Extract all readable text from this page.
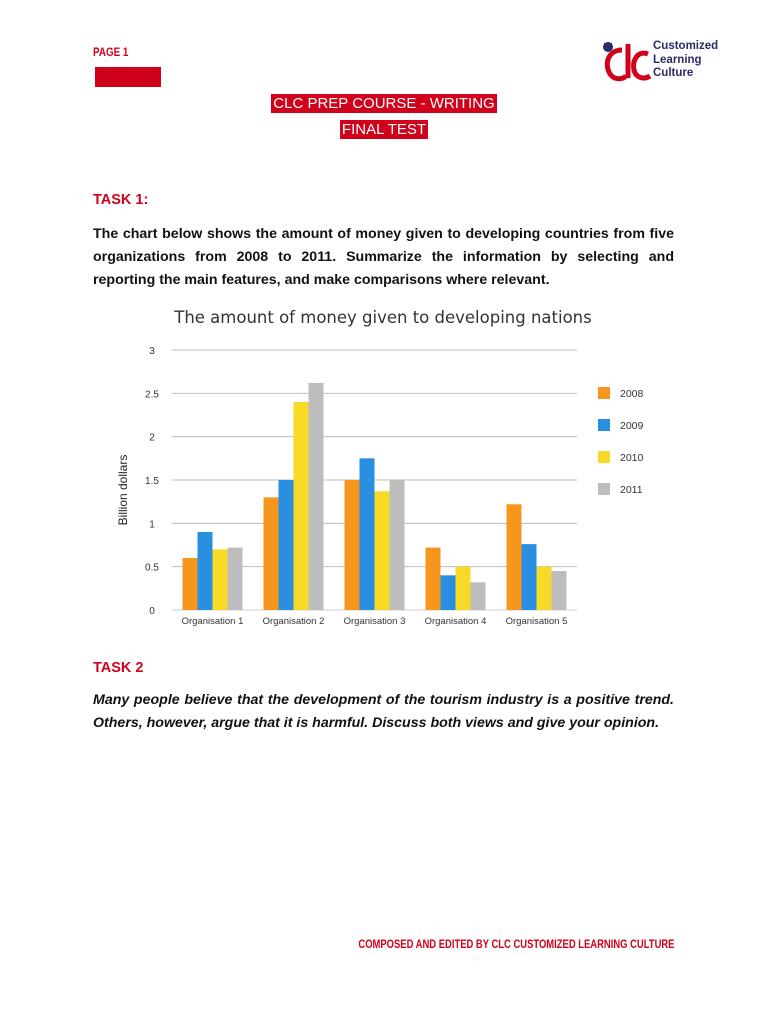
PAGE 1	Customized
Learning
Culture
CLC PREP COURSE - WRITING
FINAL TEST
TASK 1:
The chart below shows the amount of money given to developing countries from five organizations from 2008 to 2011. Summarize the information by selecting and reporting the main features, and make comparisons where relevant.
The amount of money given to developing nations
0
0.5
1
1.5
2
2.5
3
Billion dollars
Organisation 1 Organisation 2 Organisation 3 Organisation 4 Organisation 5
2008
2009
2010
2011
TASK 2
Many people believe that the development of the tourism industry is a positive trend. Others, however, argue that it is harmful. Discuss both views and give your opinion.
COMPOSED AND EDITED BY CLC CUSTOMIZED LEARNING CULTURE
